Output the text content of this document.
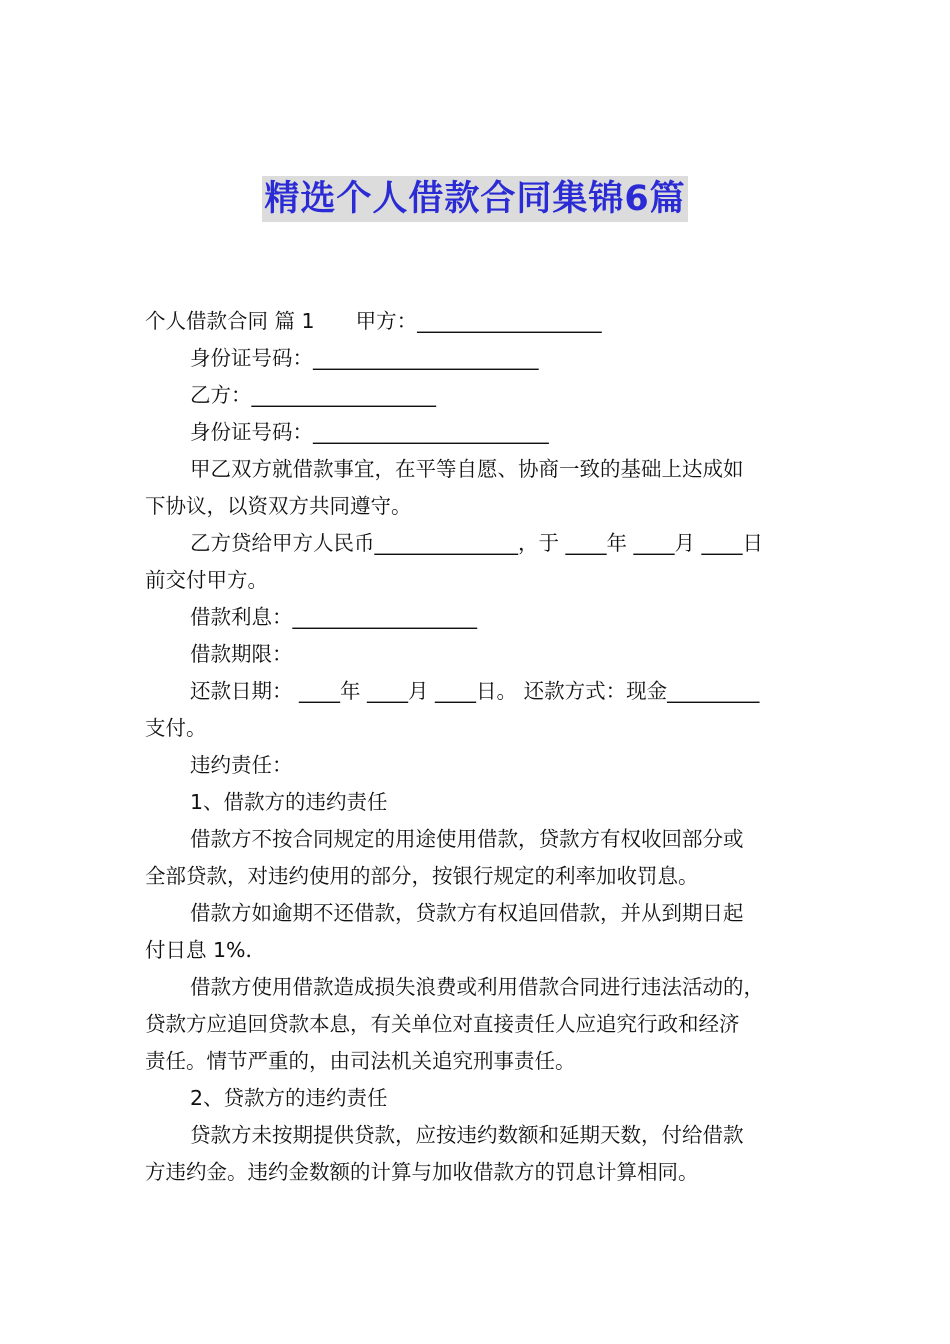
精选个人借款合同集锦6篇
个人借款合同 篇 1　　甲方：__________________
身份证号码：______________________
乙方：__________________
身份证号码：_______________________
甲乙双方就借款事宜，在平等自愿、协商一致的基础上达成如
下协议，以资双方共同遵守。
乙方贷给甲方人民币______________，于 ____年 ____月 ____日
前交付甲方。
借款利息：__________________
借款期限：
还款日期： ____年 ____月 ____日。 还款方式：现金_________
支付。
违约责任：
1、借款方的违约责任
借款方不按合同规定的用途使用借款，贷款方有权收回部分或
全部贷款，对违约使用的部分，按银行规定的利率加收罚息。
借款方如逾期不还借款，贷款方有权追回借款，并从到期日起
付日息 1%．
借款方使用借款造成损失浪费或利用借款合同进行违法活动的，
贷款方应追回贷款本息，有关单位对直接责任人应追究行政和经济
责任。情节严重的，由司法机关追究刑事责任。
2、贷款方的违约责任
贷款方未按期提供贷款，应按违约数额和延期天数，付给借款
方违约金。违约金数额的计算与加收借款方的罚息计算相同。
